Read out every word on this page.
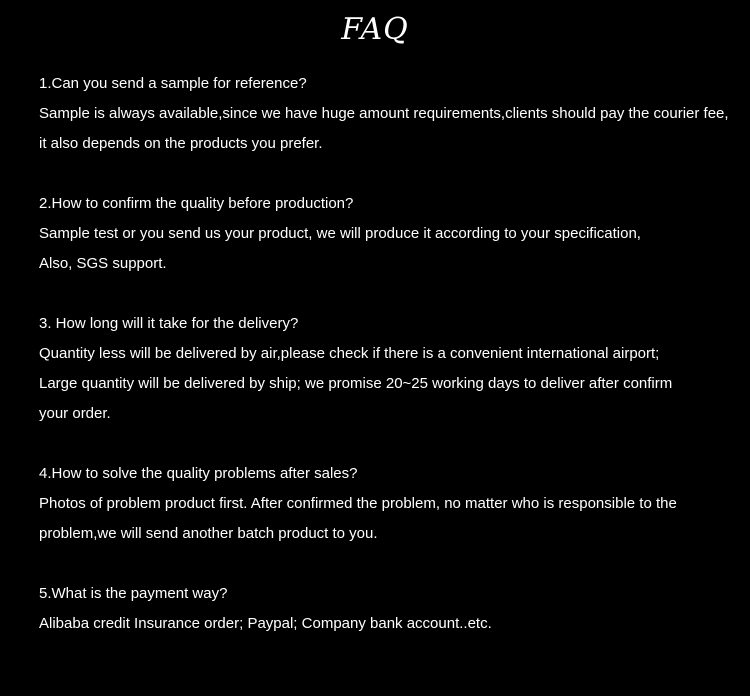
FAQ
1.Can you send a sample for reference?
Sample is always available,since we have huge amount requirements,clients should pay the courier fee,
it also depends on the products you prefer.
2.How to confirm the quality before production?
Sample test or you send us your product, we will produce it according to your specification,
Also, SGS support.
3. How long will it take for the delivery?
Quantity less will be delivered by air,please check if there is a convenient international airport;
Large quantity will be delivered by ship; we promise 20~25 working days to deliver after confirm
your order.
4.How to solve the quality problems after sales?
Photos of problem product first. After confirmed the problem, no matter who is responsible to the
problem,we will send another batch product to you.
5.What is the payment way?
Alibaba credit Insurance order; Paypal; Company bank account..etc.
